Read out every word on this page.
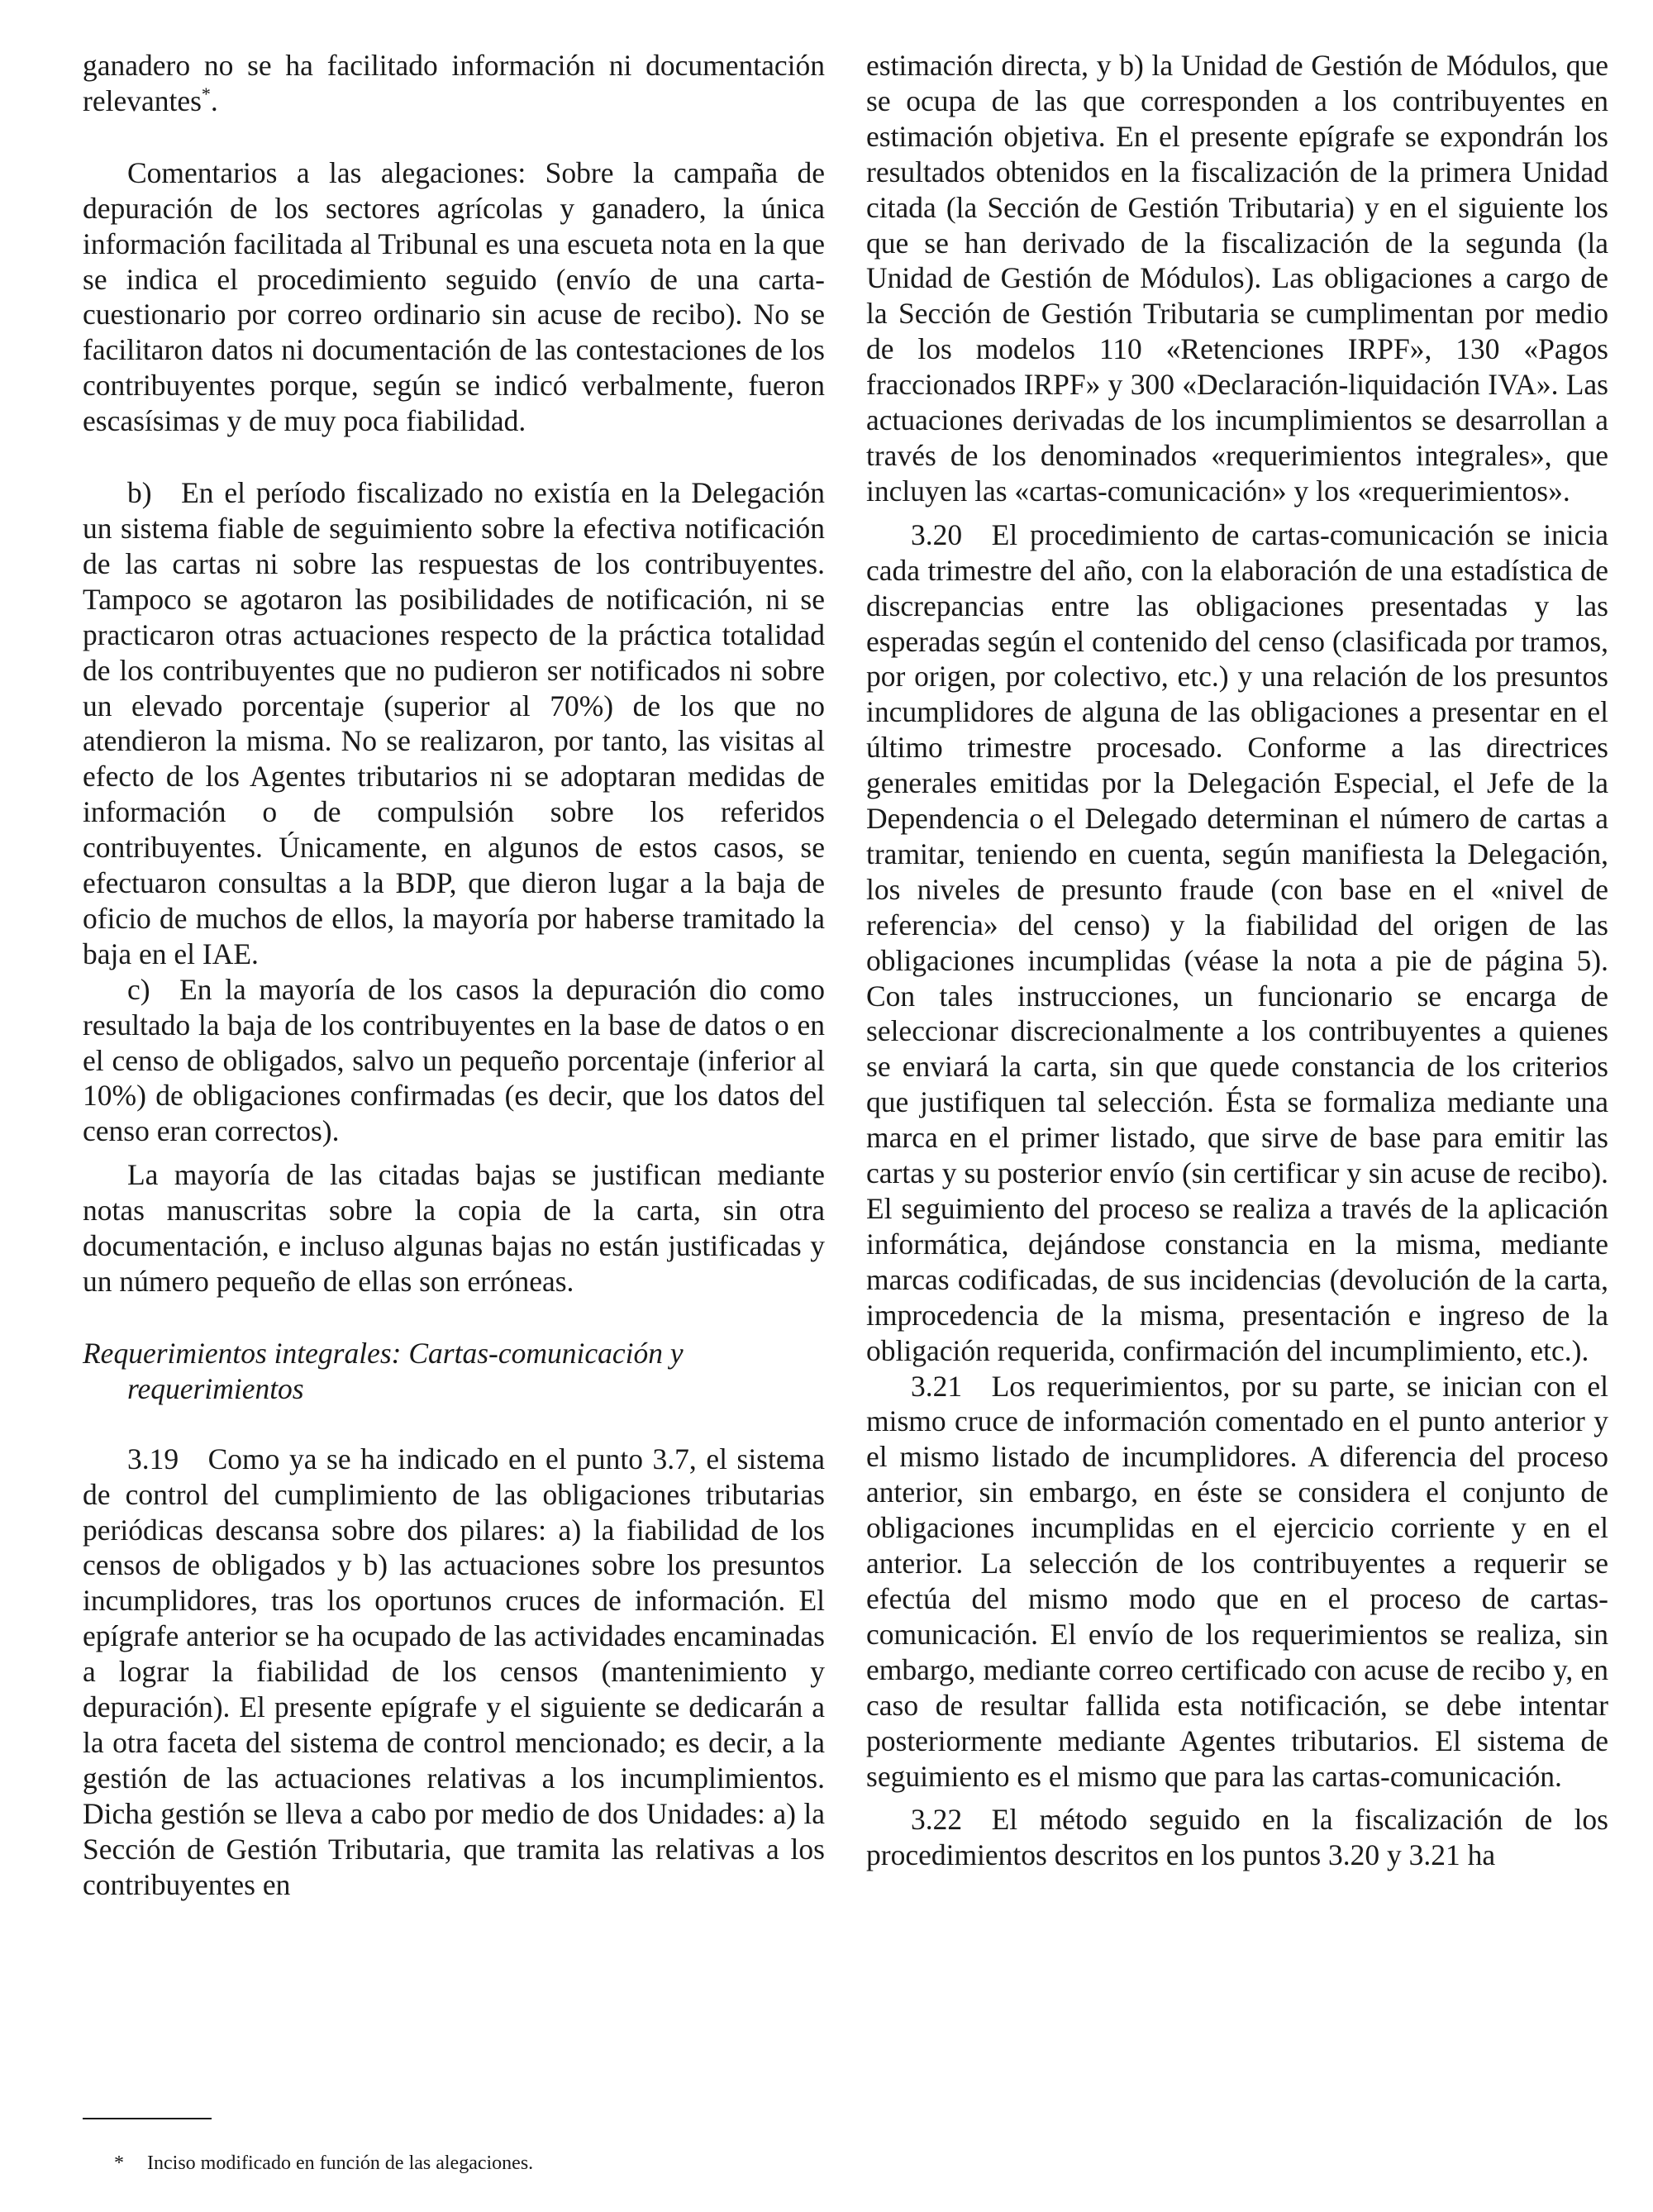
ganadero no se ha facilitado información ni documentación relevantes*.

Comentarios a las alegaciones: Sobre la campaña de depuración de los sectores agrícolas y ganadero, la única información facilitada al Tribunal es una escueta nota en la que se indica el procedimiento seguido (envío de una carta-cuestionario por correo ordinario sin acuse de recibo). No se facilitaron datos ni documentación de las contestaciones de los contribuyentes porque, según se indicó verbalmente, fueron escasísimas y de muy poca fiabilidad.

b) En el período fiscalizado no existía en la Delegación un sistema fiable de seguimiento sobre la efectiva notificación de las cartas ni sobre las respuestas de los contribuyentes. Tampoco se agotaron las posibilidades de notificación, ni se practicaron otras actuaciones respecto de la práctica totalidad de los contribuyentes que no pudieron ser notificados ni sobre un elevado porcentaje (superior al 70%) de los que no atendieron la misma. No se realizaron, por tanto, las visitas al efecto de los Agentes tributarios ni se adoptaran medidas de información o de compulsión sobre los referidos contribuyentes. Únicamente, en algunos de estos casos, se efectuaron consultas a la BDP, que dieron lugar a la baja de oficio de muchos de ellos, la mayoría por haberse tramitado la baja en el IAE.

c) En la mayoría de los casos la depuración dio como resultado la baja de los contribuyentes en la base de datos o en el censo de obligados, salvo un pequeño porcentaje (inferior al 10%) de obligaciones confirmadas (es decir, que los datos del censo eran correctos).

La mayoría de las citadas bajas se justifican mediante notas manuscritas sobre la copia de la carta, sin otra documentación, e incluso algunas bajas no están justificadas y un número pequeño de ellas son erróneas.

Requerimientos integrales: Cartas-comunicación y requerimientos

3.19 Como ya se ha indicado en el punto 3.7, el sistema de control del cumplimiento de las obligaciones tributarias periódicas descansa sobre dos pilares: a) la fiabilidad de los censos de obligados y b) las actuaciones sobre los presuntos incumplidores, tras los oportunos cruces de información. El epígrafe anterior se ha ocupado de las actividades encaminadas a lograr la fiabilidad de los censos (mantenimiento y depuración). El presente epígrafe y el siguiente se dedicarán a la otra faceta del sistema de control mencionado; es decir, a la gestión de las actuaciones relativas a los incumplimientos. Dicha gestión se lleva a cabo por medio de dos Unidades: a) la Sección de Gestión Tributaria, que tramita las relativas a los contribuyentes en

estimación directa, y b) la Unidad de Gestión de Módulos, que se ocupa de las que corresponden a los contribuyentes en estimación objetiva. En el presente epígrafe se expondrán los resultados obtenidos en la fiscalización de la primera Unidad citada (la Sección de Gestión Tributaria) y en el siguiente los que se han derivado de la fiscalización de la segunda (la Unidad de Gestión de Módulos). Las obligaciones a cargo de la Sección de Gestión Tributaria se cumplimentan por medio de los modelos 110 «Retenciones IRPF», 130 «Pagos fraccionados IRPF» y 300 «Declaración-liquidación IVA». Las actuaciones derivadas de los incumplimientos se desarrollan a través de los denominados «requerimientos integrales», que incluyen las «cartas-comunicación» y los «requerimientos».

3.20 El procedimiento de cartas-comunicación se inicia cada trimestre del año, con la elaboración de una estadística de discrepancias entre las obligaciones presentadas y las esperadas según el contenido del censo (clasificada por tramos, por origen, por colectivo, etc.) y una relación de los presuntos incumplidores de alguna de las obligaciones a presentar en el último trimestre procesado. Conforme a las directrices generales emitidas por la Delegación Especial, el Jefe de la Dependencia o el Delegado determinan el número de cartas a tramitar, teniendo en cuenta, según manifiesta la Delegación, los niveles de presunto fraude (con base en el «nivel de referencia» del censo) y la fiabilidad del origen de las obligaciones incumplidas (véase la nota a pie de página 5). Con tales instrucciones, un funcionario se encarga de seleccionar discrecionalmente a los contribuyentes a quienes se enviará la carta, sin que quede constancia de los criterios que justifiquen tal selección. Ésta se formaliza mediante una marca en el primer listado, que sirve de base para emitir las cartas y su posterior envío (sin certificar y sin acuse de recibo). El seguimiento del proceso se realiza a través de la aplicación informática, dejándose constancia en la misma, mediante marcas codificadas, de sus incidencias (devolución de la carta, improcedencia de la misma, presentación e ingreso de la obligación requerida, confirmación del incumplimiento, etc.).

3.21 Los requerimientos, por su parte, se inician con el mismo cruce de información comentado en el punto anterior y el mismo listado de incumplidores. A diferencia del proceso anterior, sin embargo, en éste se considera el conjunto de obligaciones incumplidas en el ejercicio corriente y en el anterior. La selección de los contribuyentes a requerir se efectúa del mismo modo que en el proceso de cartas-comunicación. El envío de los requerimientos se realiza, sin embargo, mediante correo certificado con acuse de recibo y, en caso de resultar fallida esta notificación, se debe intentar posteriormente mediante Agentes tributarios. El sistema de seguimiento es el mismo que para las cartas-comunicación.

3.22 El método seguido en la fiscalización de los procedimientos descritos en los puntos 3.20 y 3.21 ha

* Inciso modificado en función de las alegaciones.
